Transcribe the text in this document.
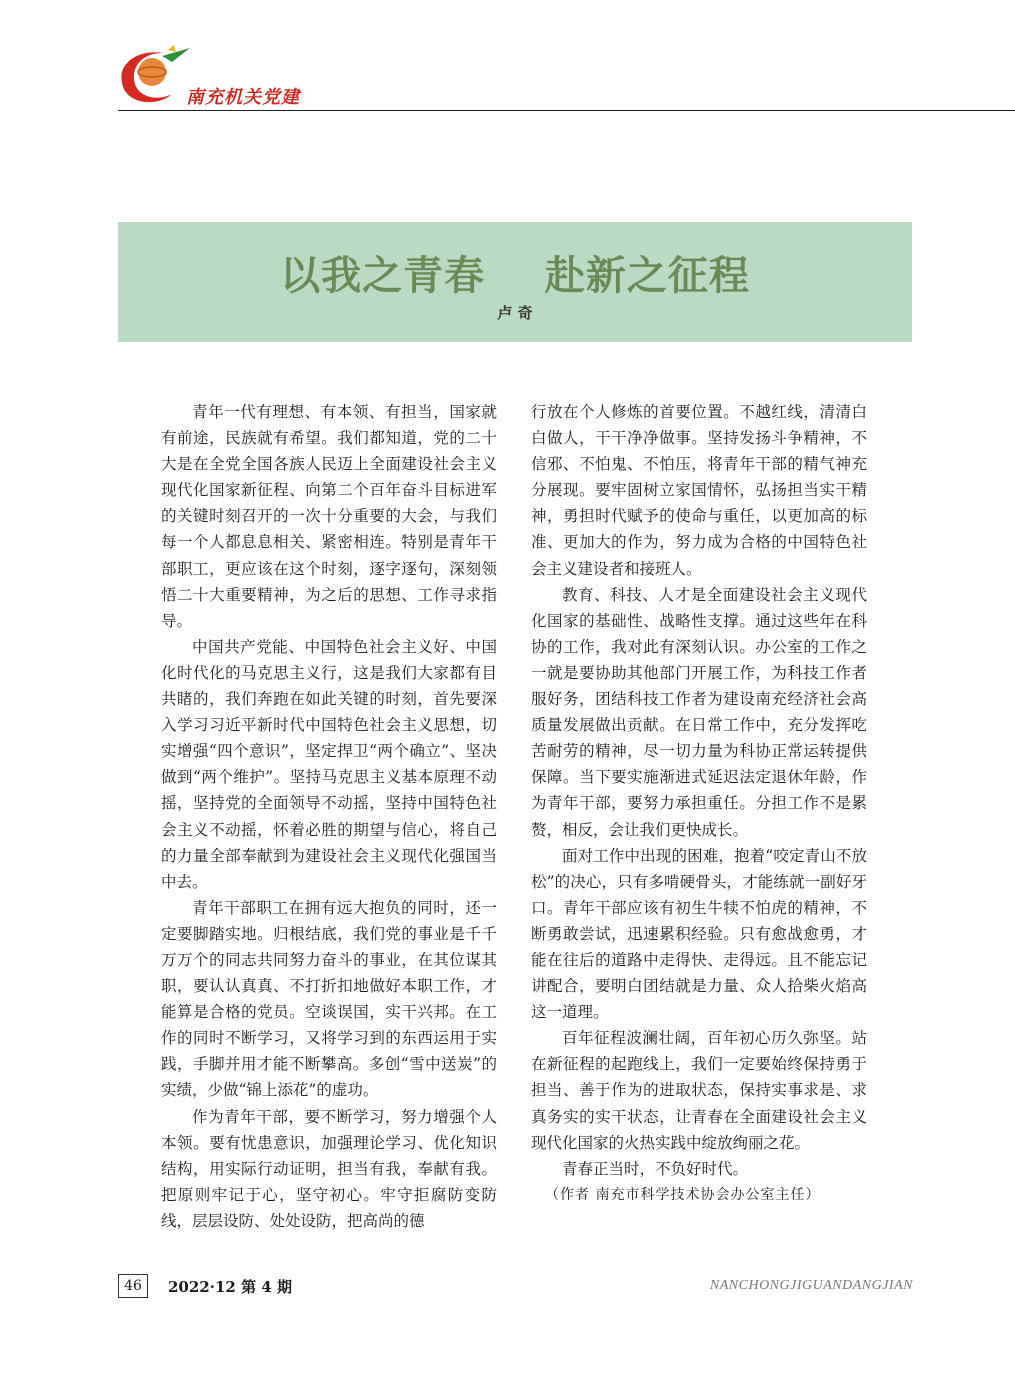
南充机关党建
以我之青春    赴新之征程
卢 奇

青年一代有理想、有本领、有担当，国家就有前途，民族就有希望。我们都知道，党的二十大是在全党全国各族人民迈上全面建设社会主义现代化国家新征程、向第二个百年奋斗目标进军的关键时刻召开的一次十分重要的大会，与我们每一个人都息息相关、紧密相连。特别是青年干部职工，更应该在这个时刻，逐字逐句，深刻领悟二十大重要精神，为之后的思想、工作寻求指导。

中国共产党能、中国特色社会主义好、中国化时代化的马克思主义行，这是我们大家都有目共睹的，我们奔跑在如此关键的时刻，首先要深入学习习近平新时代中国特色社会主义思想，切实增强“四个意识”，坚定捍卫“两个确立”、坚决做到“两个维护”。坚持马克思主义基本原理不动摇，坚持党的全面领导不动摇，坚持中国特色社会主义不动摇，怀着必胜的期望与信心，将自己的力量全部奉献到为建设社会主义现代化强国当中去。

青年干部职工在拥有远大抱负的同时，还一定要脚踏实地。归根结底，我们党的事业是千千万万个的同志共同努力奋斗的事业，在其位谋其职，要认认真真、不打折扣地做好本职工作，才能算是合格的党员。空谈误国，实干兴邦。在工作的同时不断学习，又将学习到的东西运用于实践，手脚并用才能不断攀高。多创“雪中送炭”的实绩，少做“锦上添花”的虚功。

作为青年干部，要不断学习，努力增强个人本领。要有忧患意识，加强理论学习、优化知识结构，用实际行动证明，担当有我，奉献有我。把原则牢记于心，坚守初心。牢守拒腐防变防线，层层设防、处处设防，把高尚的德

行放在个人修炼的首要位置。不越红线，清清白白做人，干干净净做事。坚持发扬斗争精神，不信邪、不怕鬼、不怕压，将青年干部的精气神充分展现。要牢固树立家国情怀，弘扬担当实干精神，勇担时代赋予的使命与重任，以更加高的标准、更加大的作为，努力成为合格的中国特色社会主义建设者和接班人。

教育、科技、人才是全面建设社会主义现代化国家的基础性、战略性支撑。通过这些年在科协的工作，我对此有深刻认识。办公室的工作之一就是要协助其他部门开展工作，为科技工作者服好务，团结科技工作者为建设南充经济社会高质量发展做出贡献。在日常工作中，充分发挥吃苦耐劳的精神，尽一切力量为科协正常运转提供保障。当下要实施渐进式延迟法定退休年龄，作为青年干部，要努力承担重任。分担工作不是累赘，相反，会让我们更快成长。

面对工作中出现的困难，抱着“咬定青山不放松”的决心，只有多啃硬骨头，才能练就一副好牙口。青年干部应该有初生牛犊不怕虎的精神，不断勇敢尝试，迅速累积经验。只有愈战愈勇，才能在往后的道路中走得快、走得远。且不能忘记讲配合，要明白团结就是力量、众人拾柴火焰高这一道理。

百年征程波澜壮阔，百年初心历久弥坚。站在新征程的起跑线上，我们一定要始终保持勇于担当、善于作为的进取状态，保持实事求是、求真务实的实干状态，让青春在全面建设社会主义现代化国家的火热实践中绽放绚丽之花。

青春正当时，不负好时代。

（作者 南充市科学技术协会办公室主任）

46	2022·12 第 4 期	NANCHONGJIGUANDANGJIAN
